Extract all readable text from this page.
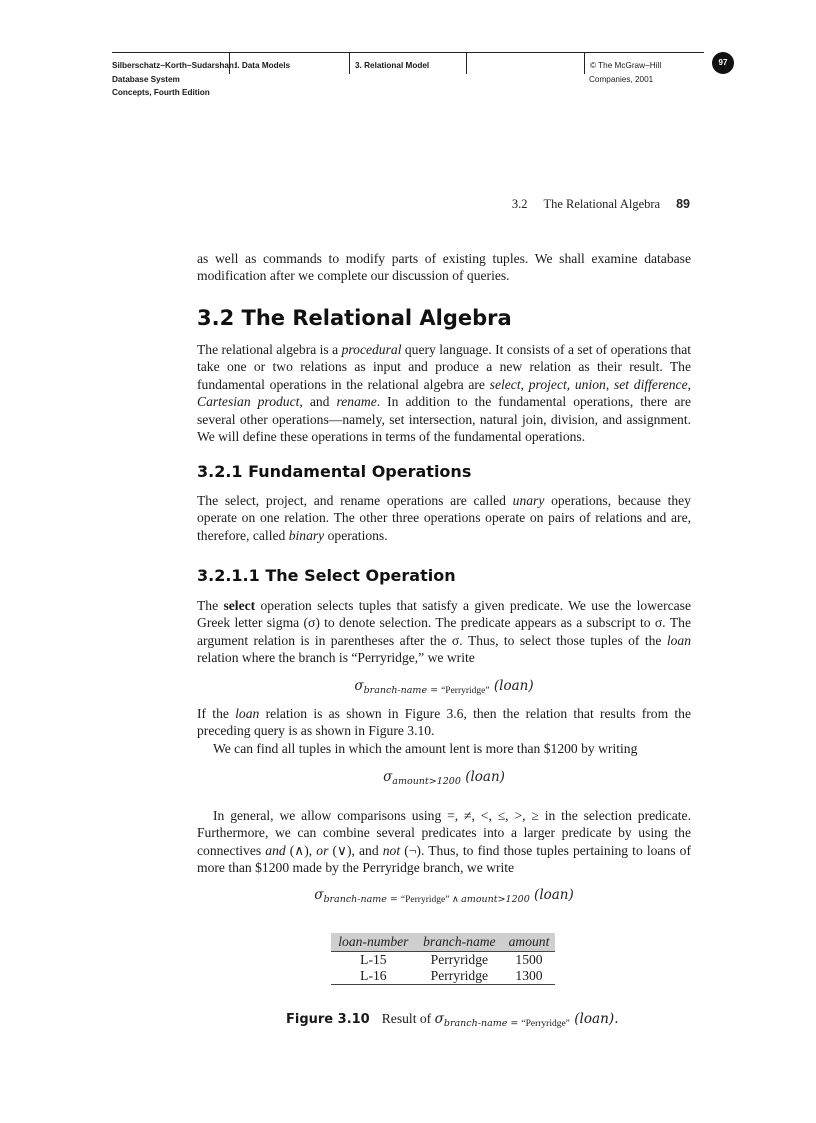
Silberschatz−Korth−Sudarshan:
I. Data Models	3. Relational Model	© The McGraw−Hill
Database System
Concepts, Fourth Edition
Companies, 2001
97
3.2 The Relational Algebra 89

as well as commands to modify parts of existing tuples. We shall examine database modification after we complete our discussion of queries.

3.2 The Relational Algebra

The relational algebra is a procedural query language. It consists of a set of operations that take one or two relations as input and produce a new relation as their result. The fundamental operations in the relational algebra are select, project, union, set difference, Cartesian product, and rename. In addition to the fundamental operations, there are several other operations—namely, set intersection, natural join, division, and assignment. We will define these operations in terms of the fundamental operations.

3.2.1 Fundamental Operations

The select, project, and rename operations are called unary operations, because they operate on one relation. The other three operations operate on pairs of relations and are, therefore, called binary operations.

3.2.1.1 The Select Operation

The select operation selects tuples that satisfy a given predicate. We use the lowercase Greek letter sigma (σ) to denote selection. The predicate appears as a subscript to σ. The argument relation is in parentheses after the σ. Thus, to select those tuples of the loan relation where the branch is “Perryridge,” we write

$\sigma_{branch-name = “Perryridge”}$ (loan)

If the loan relation is as shown in Figure 3.6, then the relation that results from the preceding query is as shown in Figure 3.10.

We can find all tuples in which the amount lent is more than $1200 by writing

$\sigma_{amount>1200}$ (loan)

In general, we allow comparisons using =, ≠, <, ≤, >, ≥ in the selection predicate. Furthermore, we can combine several predicates into a larger predicate by using the connectives and (∧), or (∨), and not (¬). Thus, to find those tuples pertaining to loans of more than $1200 made by the Perryridge branch, we write

$\sigma_{branch-name = “Perryridge” \wedge amount>1200}$ (loan)
loan-number	branch-name	amount
L-15	Perryridge	1500
L-16	Perryridge	1300
Figure 3.10 Result of $\sigma_{branch-name = “Perryridge”}$ (loan).
